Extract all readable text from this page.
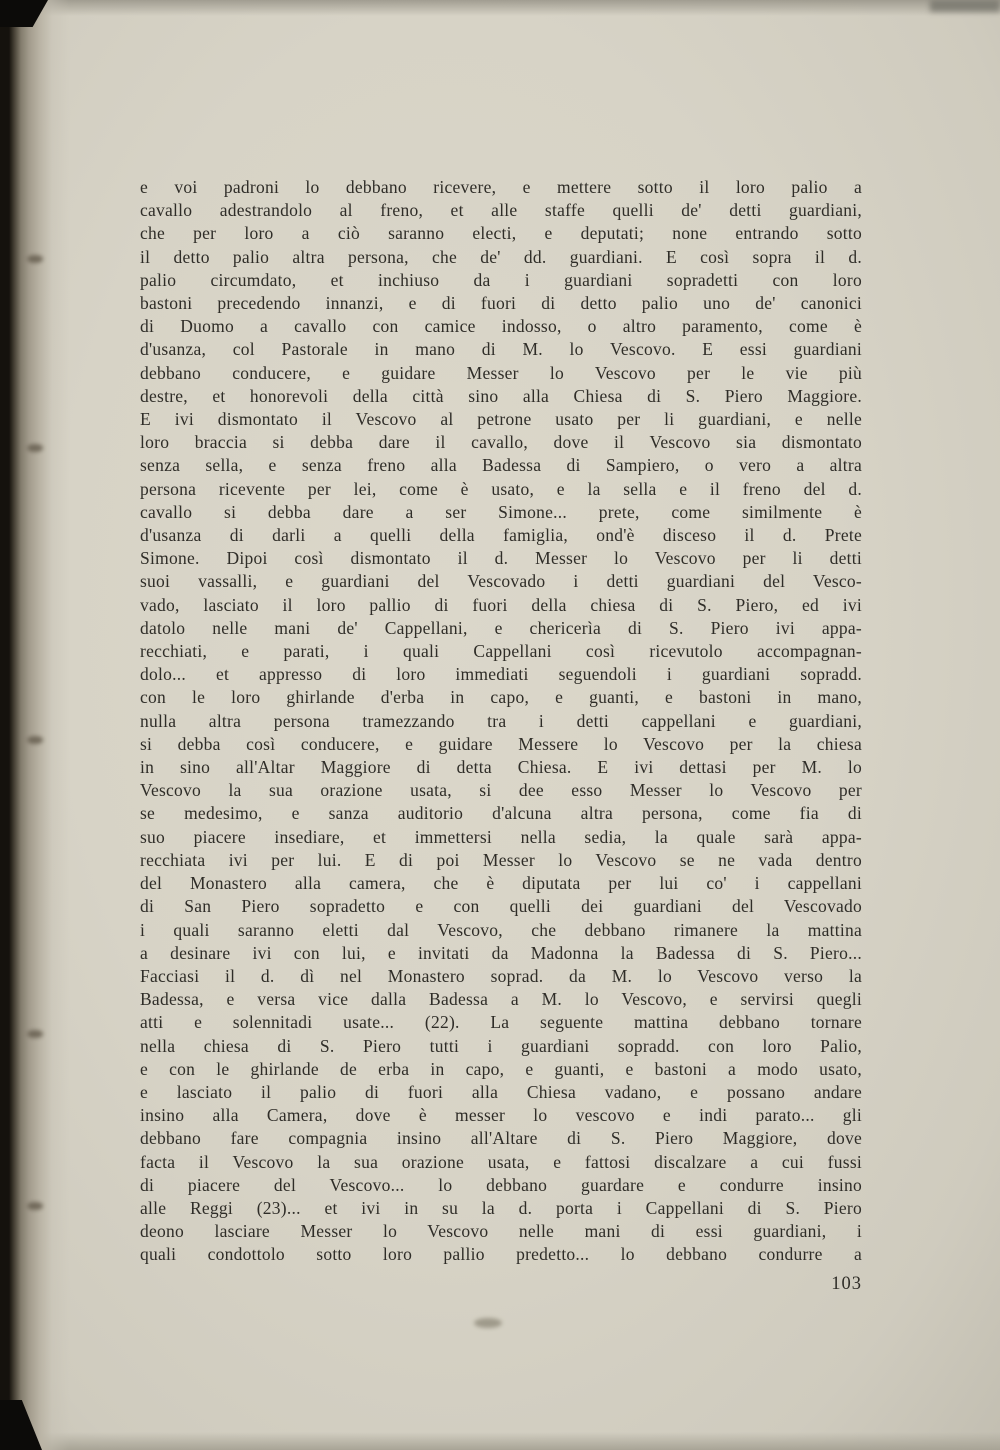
e voi padroni lo debbano ricevere, e mettere sotto il loro palio a
cavallo adestrandolo al freno, et alle staffe quelli de' detti guardiani,
che per loro a ciò saranno electi, e deputati; none entrando sotto
il detto palio altra persona, che de' dd. guardiani. E così sopra il d.
palio circumdato, et inchiuso da i guardiani sopradetti con loro
bastoni precedendo innanzi, e di fuori di detto palio uno de' canonici
di Duomo a cavallo con camice indosso, o altro paramento, come è
d'usanza, col Pastorale in mano di M. lo Vescovo. E essi guardiani
debbano conducere, e guidare Messer lo Vescovo per le vie più
destre, et honorevoli della città sino alla Chiesa di S. Piero Maggiore.
E ivi dismontato il Vescovo al petrone usato per li guardiani, e nelle
loro braccia si debba dare il cavallo, dove il Vescovo sia dismontato
senza sella, e senza freno alla Badessa di Sampiero, o vero a altra
persona ricevente per lei, come è usato, e la sella e il freno del d.
cavallo si debba dare a ser Simone... prete, come similmente è
d'usanza di darli a quelli della famiglia, ond'è disceso il d. Prete
Simone. Dipoi così dismontato il d. Messer lo Vescovo per li detti
suoi vassalli, e guardiani del Vescovado i detti guardiani del Vesco-
vado, lasciato il loro pallio di fuori della chiesa di S. Piero, ed ivi
datolo nelle mani de' Cappellani, e chericerìa di S. Piero ivi appa-
recchiati, e parati, i quali Cappellani così ricevutolo accompagnan-
dolo... et appresso di loro immediati seguendoli i guardiani sopradd.
con le loro ghirlande d'erba in capo, e guanti, e bastoni in mano,
nulla altra persona tramezzando tra i detti cappellani e guardiani,
si debba così conducere, e guidare Messere lo Vescovo per la chiesa
in sino all'Altar Maggiore di detta Chiesa. E ivi dettasi per M. lo
Vescovo la sua orazione usata, si dee esso Messer lo Vescovo per
se medesimo, e sanza auditorio d'alcuna altra persona, come fia di
suo piacere insediare, et immettersi nella sedia, la quale sarà appa-
recchiata ivi per lui. E di poi Messer lo Vescovo se ne vada dentro
del Monastero alla camera, che è diputata per lui co' i cappellani
di San Piero sopradetto e con quelli dei guardiani del Vescovado
i quali saranno eletti dal Vescovo, che debbano rimanere la mattina
a desinare ivi con lui, e invitati da Madonna la Badessa di S. Piero...
Facciasi il d. dì nel Monastero soprad. da M. lo Vescovo verso la
Badessa, e versa vice dalla Badessa a M. lo Vescovo, e servirsi quegli
atti e solennitadi usate... (22). La seguente mattina debbano tornare
nella chiesa di S. Piero tutti i guardiani sopradd. con loro Palio,
e con le ghirlande de erba in capo, e guanti, e bastoni a modo usato,
e lasciato il palio di fuori alla Chiesa vadano, e possano andare
insino alla Camera, dove è messer lo vescovo e indi parato... gli
debbano fare compagnia insino all'Altare di S. Piero Maggiore, dove
facta il Vescovo la sua orazione usata, e fattosi discalzare a cui fussi
di piacere del Vescovo... lo debbano guardare e condurre insino
alle Reggi (23)... et ivi in su la d. porta i Cappellani di S. Piero
deono lasciare Messer lo Vescovo nelle mani di essi guardiani, i
quali condottolo sotto loro pallio predetto... lo debbano condurre a
103
